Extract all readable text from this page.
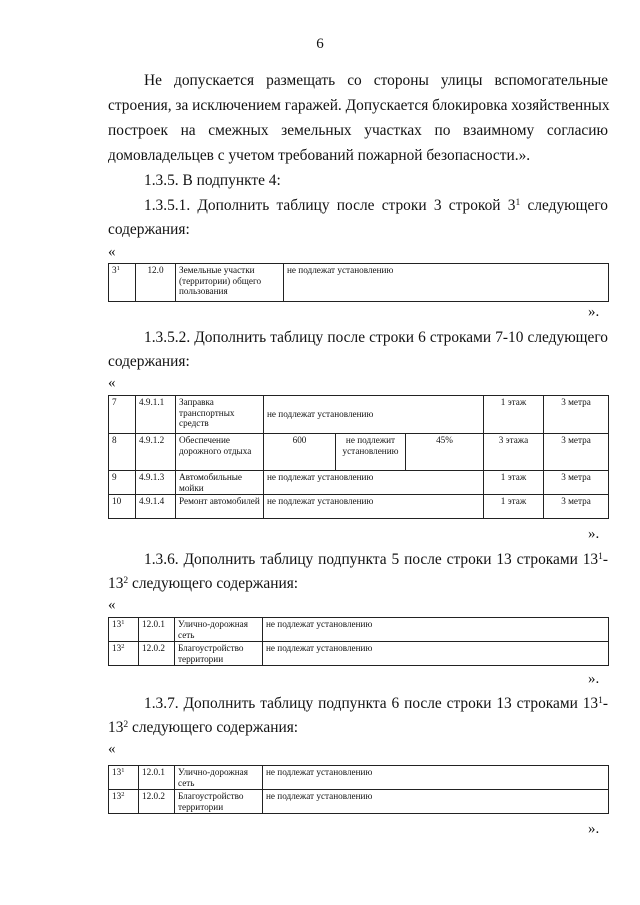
6
Не допускается размещать со стороны улицы вспомогательные
строения, за исключением гаражей. Допускается блокировка хозяйственных
построек на смежных земельных участках по взаимному согласию
домовладельцев с учетом требований пожарной безопасности.».
1.3.5. В подпункте 4:
1.3.5.1. Дополнить таблицу после строки 3 строкой $3^1$ следующего
содержания:
«
$3^1$	12.0	Земельные участки (территории) общего пользования	не подлежат установлению
».
1.3.5.2. Дополнить таблицу после строки 6 строками 7-10 следующего
содержания:
«
7	4.9.1.1	Заправка транспортных средств	не подлежат установлению			1 этаж	3 метра
8	4.9.1.2	Обеспечение дорожного отдыха	600	не подлежит установлению	45%	3 этажа	3 метра
9	4.9.1.3	Автомобильные мойки	не подлежат установлению			1 этаж	3 метра
10	4.9.1.4	Ремонт автомобилей	не подлежат установлению			1 этаж	3 метра
».
1.3.6. Дополнить таблицу подпункта 5 после строки 13 строками $13^1-$
$13^2$ следующего содержания:
«
$13^1$	12.0.1	Улично-дорожная сеть	не подлежат установлению
$13^2$	12.0.2	Благоустройство территории	не подлежат установлению
».
1.3.7. Дополнить таблицу подпункта 6 после строки 13 строками $13^1-$
$13^2$ следующего содержания:
«
$13^1$	12.0.1	Улично-дорожная сеть	не подлежат установлению
$13^2$	12.0.2	Благоустройство территории	не подлежат установлению
».
